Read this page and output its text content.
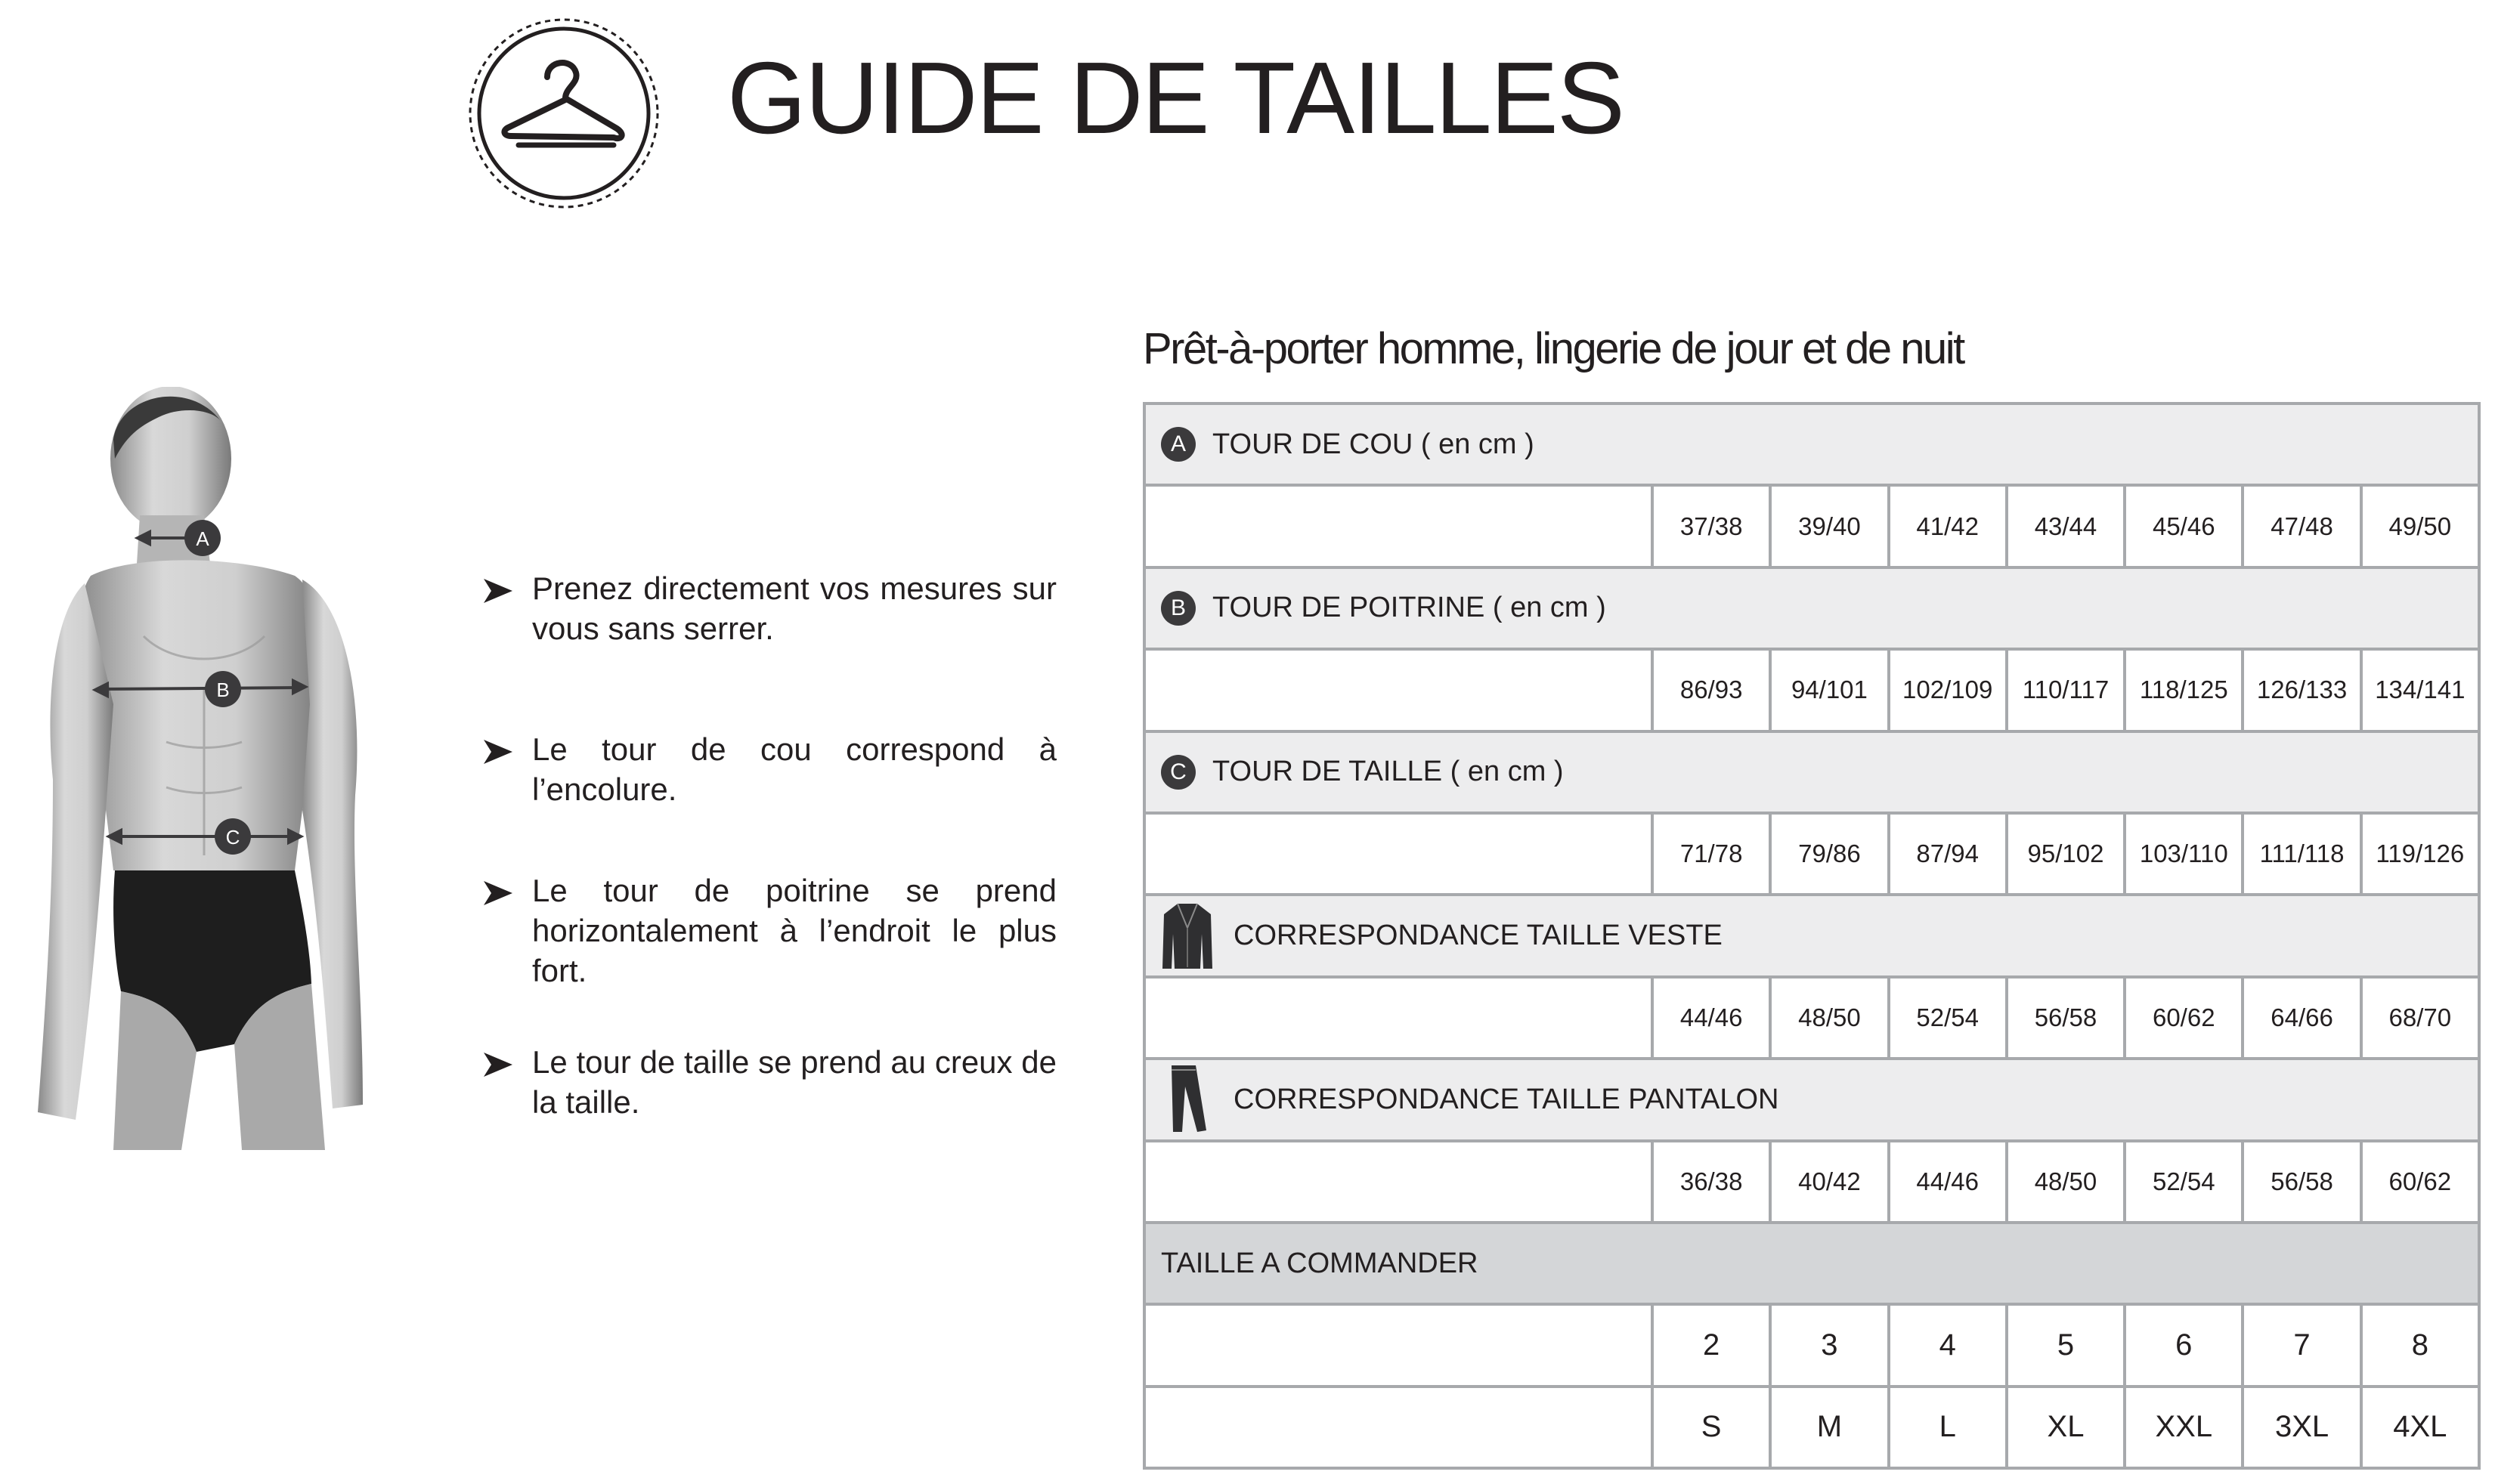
GUIDE DE TAILLES
A
B
C

Prenez directement vos mesures sur vous sans serrer.

Le tour de cou correspond à l’encolure.

Le tour de poitrine se prend horizontalement à l’endroit le plus fort.

Le tour de taille se prend au creux de la taille.

Prêt-à-porter homme, lingerie de jour et de nuit
A TOUR DE COU ( en cm )							

	37/38	39/40	41/42	43/44	45/46	47/48	49/50

B TOUR DE POITRINE ( en cm )							

	86/93	94/101	102/109	110/117	118/125	126/133	134/141

C TOUR DE TAILLE ( en cm )							

	71/78	79/86	87/94	95/102	103/110	111/118	119/126

CORRESPONDANCE TAILLE VESTE							

	44/46	48/50	52/54	56/58	60/62	64/66	68/70

CORRESPONDANCE TAILLE PANTALON							

	36/38	40/42	44/46	48/50	52/54	56/58	60/62

TAILLE A COMMANDER							

	2	3	4	5	6	7	8
	S	M	L	XL	XXL	3XL	4XL
